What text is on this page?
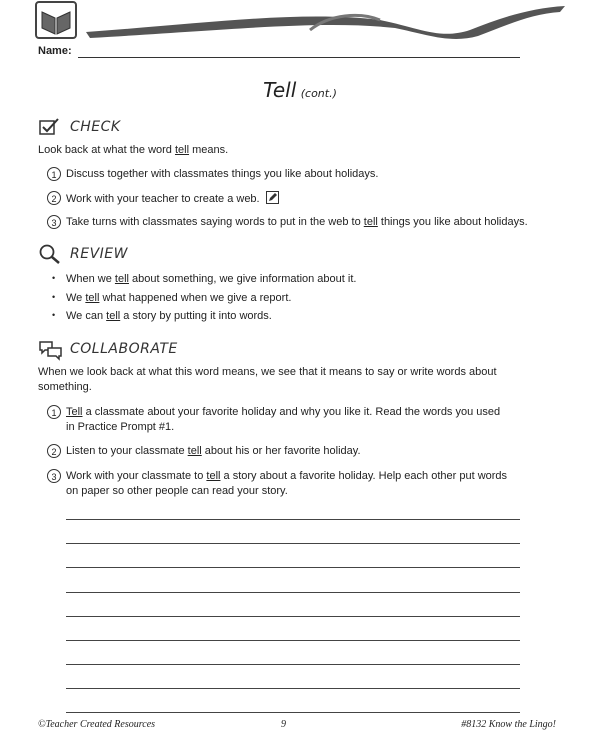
Name:
Tell (cont.)
CHECK
Look back at what the word tell means.
1 Discuss together with classmates things you like about holidays.
2 Work with your teacher to create a web.
3 Take turns with classmates saying words to put in the web to tell things you like about holidays.
REVIEW
• When we tell about something, we give information about it.
• We tell what happened when we give a report.
• We can tell a story by putting it into words.
COLLABORATE
When we look back at what this word means, we see that it means to say or write words about
something.
1 Tell a classmate about your favorite holiday and why you like it. Read the words you used
in Practice Prompt #1.
2 Listen to your classmate tell about his or her favorite holiday.
3 Work with your classmate to tell a story about a favorite holiday. Help each other put words
on paper so other people can read your story.
©Teacher Created Resources	9	#8132 Know the Lingo!
